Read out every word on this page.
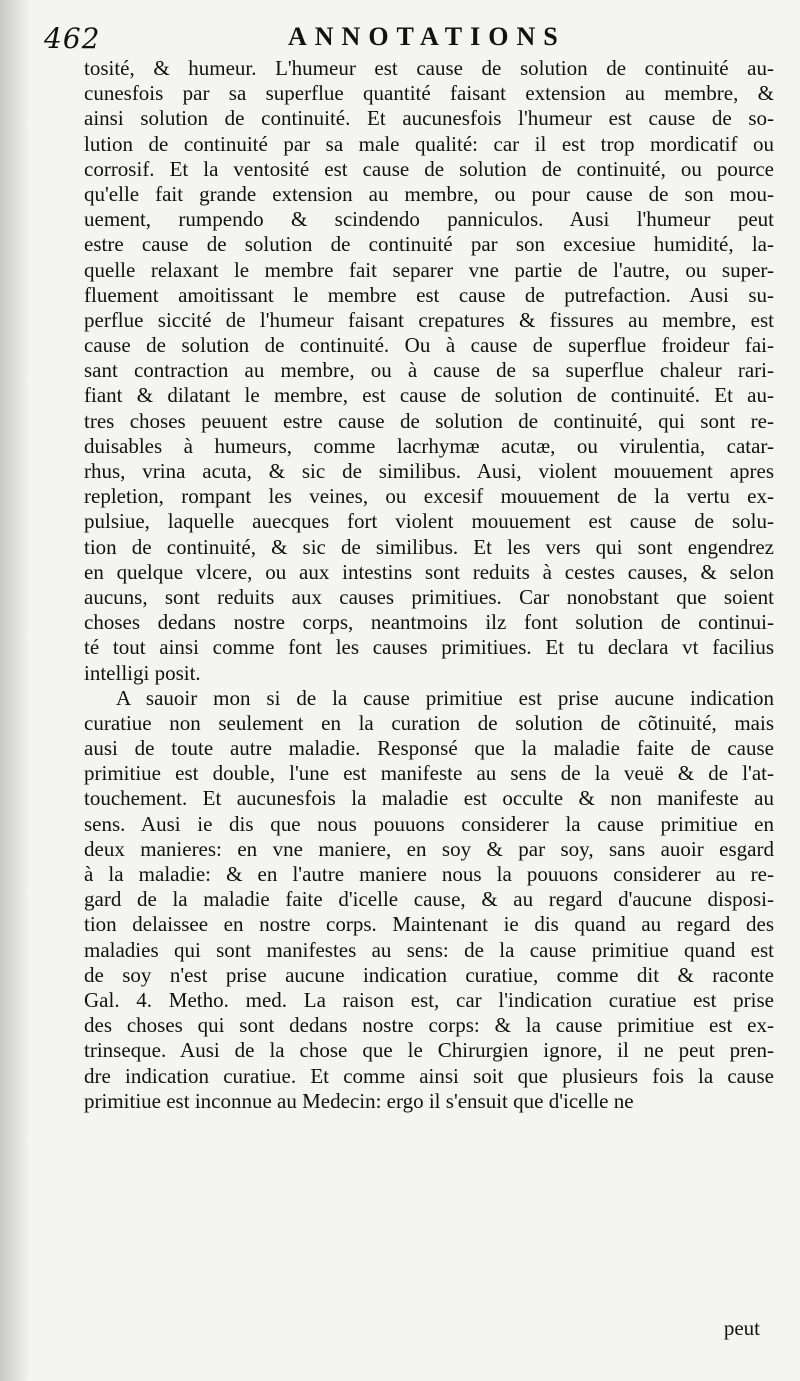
462	ANNOTATIONS
tosité, & humeur. L'humeur est cause de solution de continuité au-
cunesfois par sa superflue quantité faisant extension au membre, &
ainsi solution de continuité. Et aucunesfois l'humeur est cause de so-
lution de continuité par sa male qualité: car il est trop mordicatif ou
corrosif. Et la ventosité est cause de solution de continuité, ou pource
qu'elle fait grande extension au membre, ou pour cause de son mou-
uement, rumpendo & scindendo panniculos. Ausi l'humeur peut
estre cause de solution de continuité par son excesiue humidité, la-
quelle relaxant le membre fait separer vne partie de l'autre, ou super-
fluement amoitissant le membre est cause de putrefaction. Ausi su-
perflue siccité de l'humeur faisant crepatures & fissures au membre, est
cause de solution de continuité. Ou à cause de superflue froideur fai-
sant contraction au membre, ou à cause de sa superflue chaleur rari-
fiant & dilatant le membre, est cause de solution de continuité. Et au-
tres choses peuuent estre cause de solution de continuité, qui sont re-
duisables à humeurs, comme lacrhymæ acutæ, ou virulentia, catar-
rhus, vrina acuta, & sic de similibus. Ausi, violent mouuement apres
repletion, rompant les veines, ou excesif mouuement de la vertu ex-
pulsiue, laquelle auecques fort violent mouuement est cause de solu-
tion de continuité, & sic de similibus. Et les vers qui sont engendrez
en quelque vlcere, ou aux intestins sont reduits à cestes causes, & selon
aucuns, sont reduits aux causes primitiues. Car nonobstant que soient
choses dedans nostre corps, neantmoins ilz font solution de continui-
té tout ainsi comme font les causes primitiues. Et tu declara vt facilius
intelligi posit.
A sauoir mon si de la cause primitiue est prise aucune indication
curatiue non seulement en la curation de solution de cõtinuité, mais
ausi de toute autre maladie. Responsé que la maladie faite de cause
primitiue est double, l'une est manifeste au sens de la veuë & de l'at-
touchement. Et aucunesfois la maladie est occulte & non manifeste au
sens. Ausi ie dis que nous pouuons considerer la cause primitiue en
deux manieres: en vne maniere, en soy & par soy, sans auoir esgard
à la maladie: & en l'autre maniere nous la pouuons considerer au re-
gard de la maladie faite d'icelle cause, & au regard d'aucune disposi-
tion delaissee en nostre corps. Maintenant ie dis quand au regard des
maladies qui sont manifestes au sens: de la cause primitiue quand est
de soy n'est prise aucune indication curatiue, comme dit & raconte
Gal. 4. Metho. med. La raison est, car l'indication curatiue est prise
des choses qui sont dedans nostre corps: & la cause primitiue est ex-
trinseque. Ausi de la chose que le Chirurgien ignore, il ne peut pren-
dre indication curatiue. Et comme ainsi soit que plusieurs fois la cause
primitiue est inconnue au Medecin: ergo il s'ensuit que d'icelle ne
peut
